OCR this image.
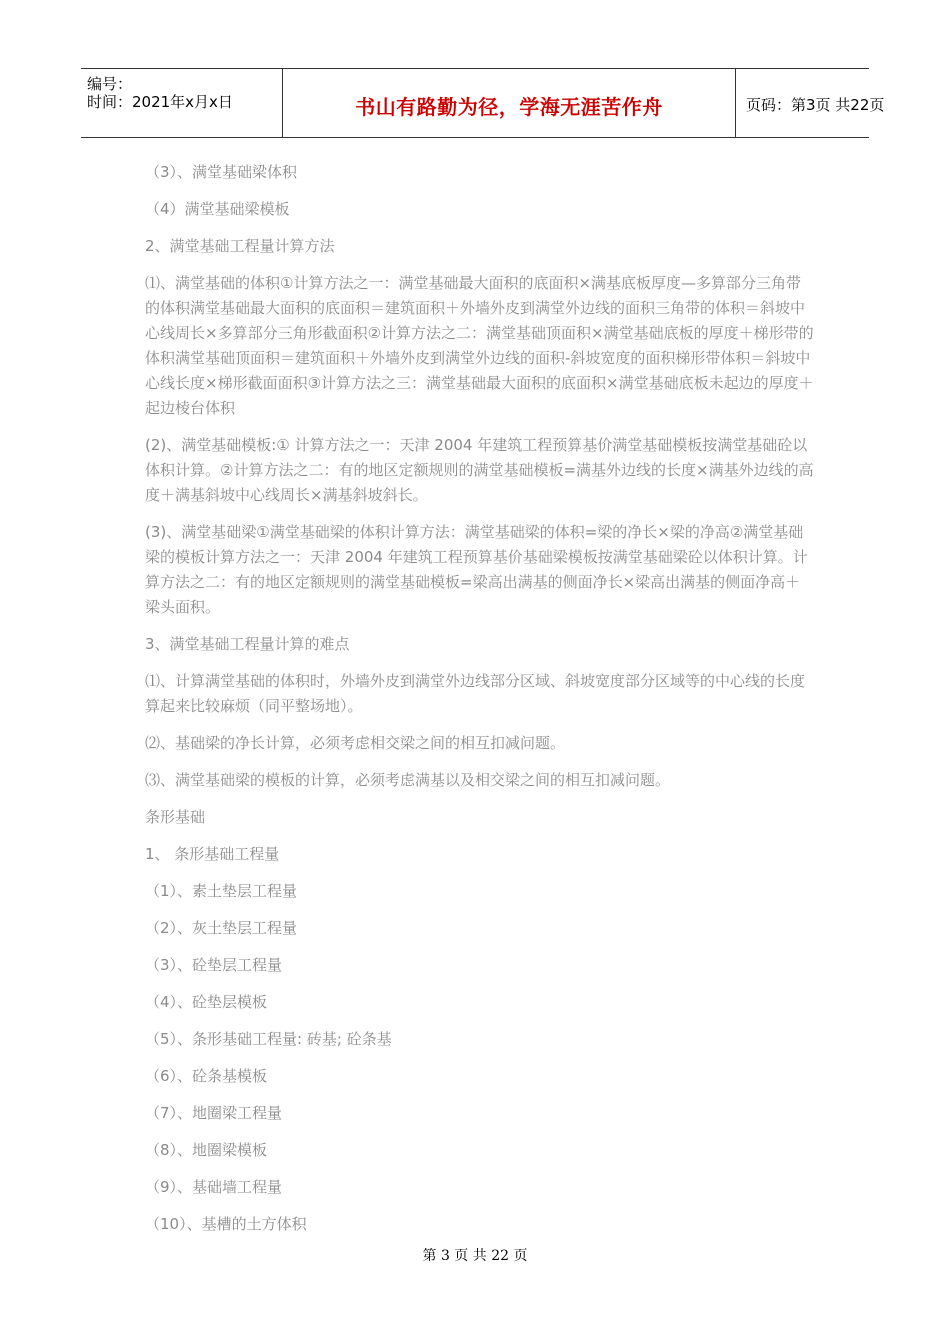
编号：
时间：2021年x月x日	书山有路勤为径，学海无涯苦作舟	页码：第3页 共22页

（3）、满堂基础梁体积

（4）满堂基础梁模板

2、满堂基础工程量计算方法

⑴、满堂基础的体积①计算方法之一：满堂基础最大面积的底面积×满基底板厚度—多算部分三角带的体积满堂基础最大面积的底面积＝建筑面积＋外墙外皮到满堂外边线的面积三角带的体积＝斜坡中心线周长×多算部分三角形截面积②计算方法之二：满堂基础顶面积×满堂基础底板的厚度＋梯形带的体积满堂基础顶面积＝建筑面积＋外墙外皮到满堂外边线的面积-斜坡宽度的面积梯形带体积＝斜坡中心线长度×梯形截面面积③计算方法之三：满堂基础最大面积的底面积×满堂基础底板未起边的厚度＋起边棱台体积

(2)、满堂基础模板:① 计算方法之一：天津 2004 年建筑工程预算基价满堂基础模板按满堂基础砼以体积计算。②计算方法之二：有的地区定额规则的满堂基础模板=满基外边线的长度×满基外边线的高度＋满基斜坡中心线周长×满基斜坡斜长。

(3)、满堂基础梁①满堂基础梁的体积计算方法：满堂基础梁的体积=梁的净长×梁的净高②满堂基础梁的模板计算方法之一：天津 2004 年建筑工程预算基价基础梁模板按满堂基础梁砼以体积计算。计算方法之二：有的地区定额规则的满堂基础模板=梁高出满基的侧面净长×梁高出满基的侧面净高＋梁头面积。

3、满堂基础工程量计算的难点

⑴、计算满堂基础的体积时，外墙外皮到满堂外边线部分区域、斜坡宽度部分区域等的中心线的长度算起来比较麻烦（同平整场地）。

⑵、基础梁的净长计算，必须考虑相交梁之间的相互扣减问题。

⑶、满堂基础梁的模板的计算，必须考虑满基以及相交梁之间的相互扣减问题。

条形基础

1、 条形基础工程量

（1）、素土垫层工程量

（2）、灰土垫层工程量

（3）、砼垫层工程量

（4）、砼垫层模板

（5）、条形基础工程量: 砖基; 砼条基

（6）、砼条基模板

（7）、地圈梁工程量

（8）、地圈梁模板

（9）、基础墙工程量

（10）、基槽的土方体积

第 3 页 共 22 页
